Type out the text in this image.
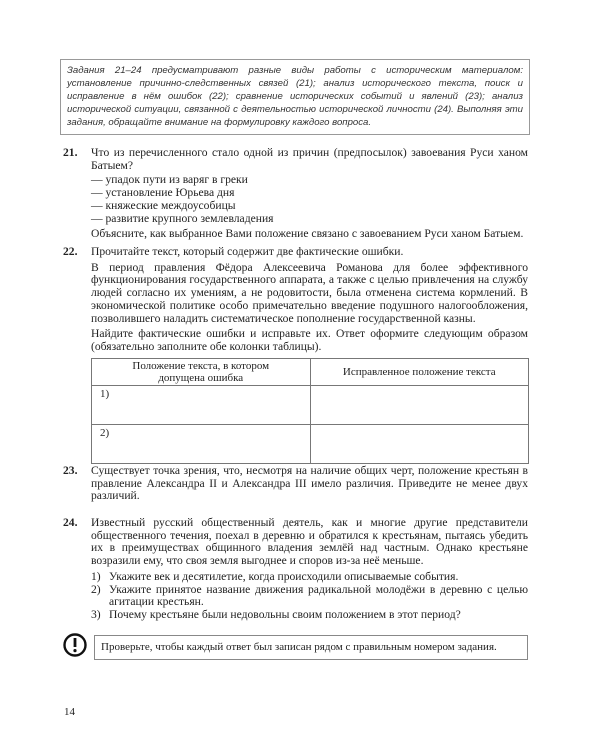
Задания 21–24 предусматривают разные виды работы с историческим материалом: установление причинно-следственных связей (21); анализ исторического текста, поиск и исправление в нём ошибок (22); сравнение исторических событий и явлений (23); анализ исторической ситуации, связанной с деятельностью исторической личности (24). Выполняя эти задания, обращайте внимание на формулировку каждого вопроса.
21. Что из перечисленного стало одной из причин (предпосылок) завоевания Руси ханом Батыем?

— упадок пути из варяг в греки
— установление Юрьева дня
— княжеские междоусобицы
— развитие крупного землевладения

Объясните, как выбранное Вами положение связано с завоеванием Руси ханом Батыем.

22. Прочитайте текст, который содержит две фактические ошибки.

В период правления Фёдора Алексеевича Романова для более эффективного функционирования государственного аппарата, а также с целью привлечения на службу людей согласно их умениям, а не родовитости, была отменена система кормлений. В экономической политике особо примечательно введение подушного налогообложения, позволившего наладить систематическое пополнение государственной казны.

Найдите фактические ошибки и исправьте их. Ответ оформите следующим образом (обязательно заполните обе колонки таблицы).

Положение текста, в котором допущена ошибка	Исправленное положение текста
1)	
2)	
23. Существует точка зрения, что, несмотря на наличие общих черт, положение крестьян в правление Александра II и Александра III имело различия. Приведите не менее двух различий.

24. Известный русский общественный деятель, как и многие другие представители общественного течения, поехал в деревню и обратился к крестьянам, пытаясь убедить их в преимуществах общинного владения землёй над частным. Однако крестьяне возразили ему, что своя земля выгоднее и споров из-за неё меньше.

1) Укажите век и десятилетие, когда происходили описываемые события.
2) Укажите принятое название движения радикальной молодёжи в деревню с целью агитации крестьян.
3) Почему крестьяне были недовольны своим положением в этот период?
Проверьте, чтобы каждый ответ был записан рядом с правильным номером задания.
14
